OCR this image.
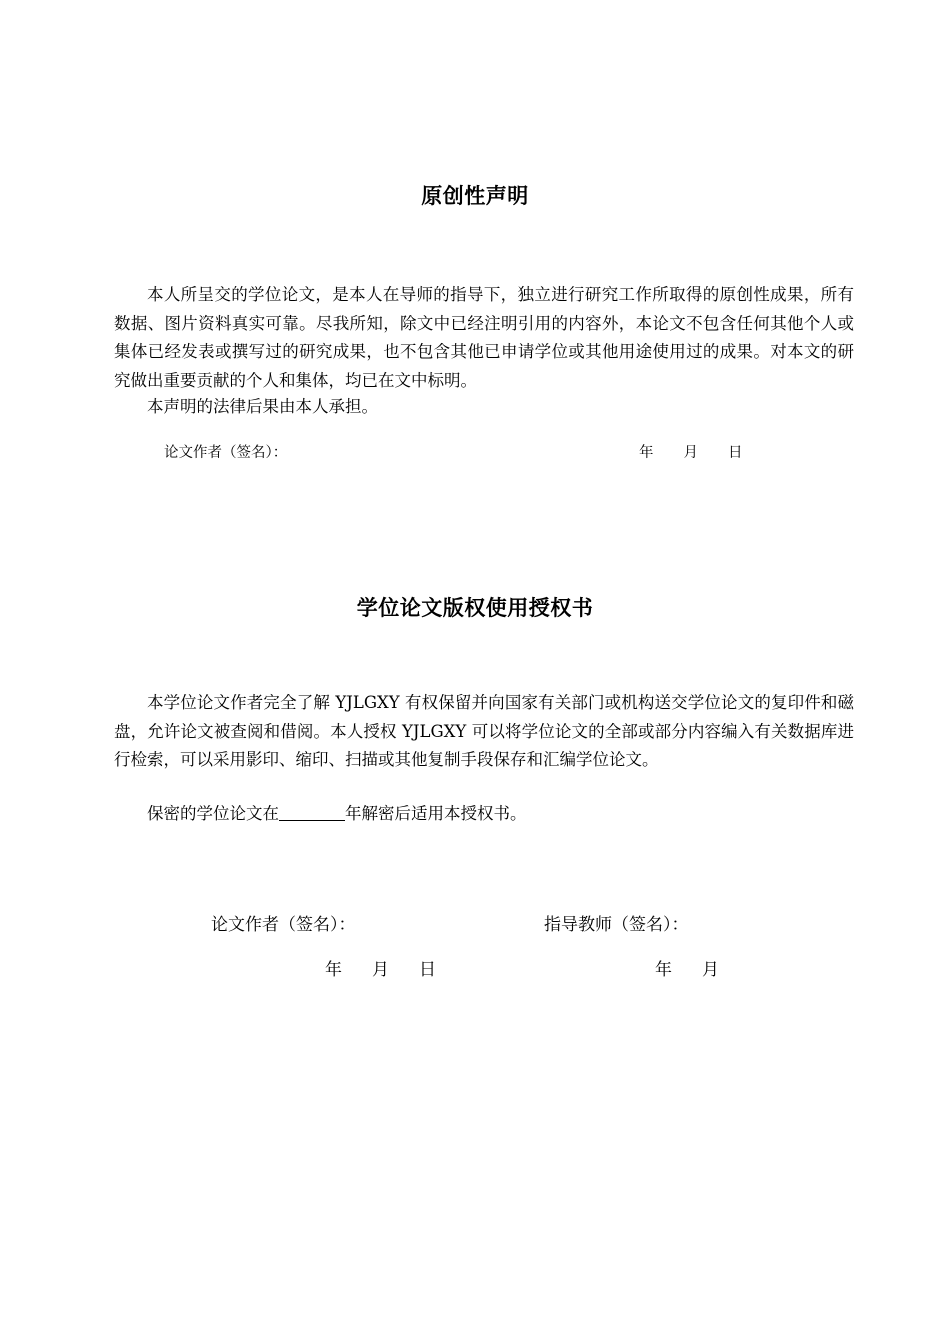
原创性声明

本人所呈交的学位论文，是本人在导师的指导下，独立进行研究工作所取得的原创性成果，所有数据、图片资料真实可靠。尽我所知，除文中已经注明引用的内容外，本论文不包含任何其他个人或集体已经发表或撰写过的研究成果，也不包含其他已申请学位或其他用途使用过的成果。对本文的研究做出重要贡献的个人和集体，均已在文中标明。

本声明的法律后果由本人承担。

论文作者（签名）：	年 月 日
学位论文版权使用授权书

本学位论文作者完全了解 YJLGXY 有权保留并向国家有关部门或机构送交学位论文的复印件和磁盘，允许论文被查阅和借阅。本人授权 YJLGXY 可以将学位论文的全部或部分内容编入有关数据库进行检索，可以采用影印、缩印、扫描或其他复制手段保存和汇编学位论文。

保密的学位论文在	年解密后适用本授权书。

论文作者（签名）：	指导教师（签名）：
年 月 日	年 月
